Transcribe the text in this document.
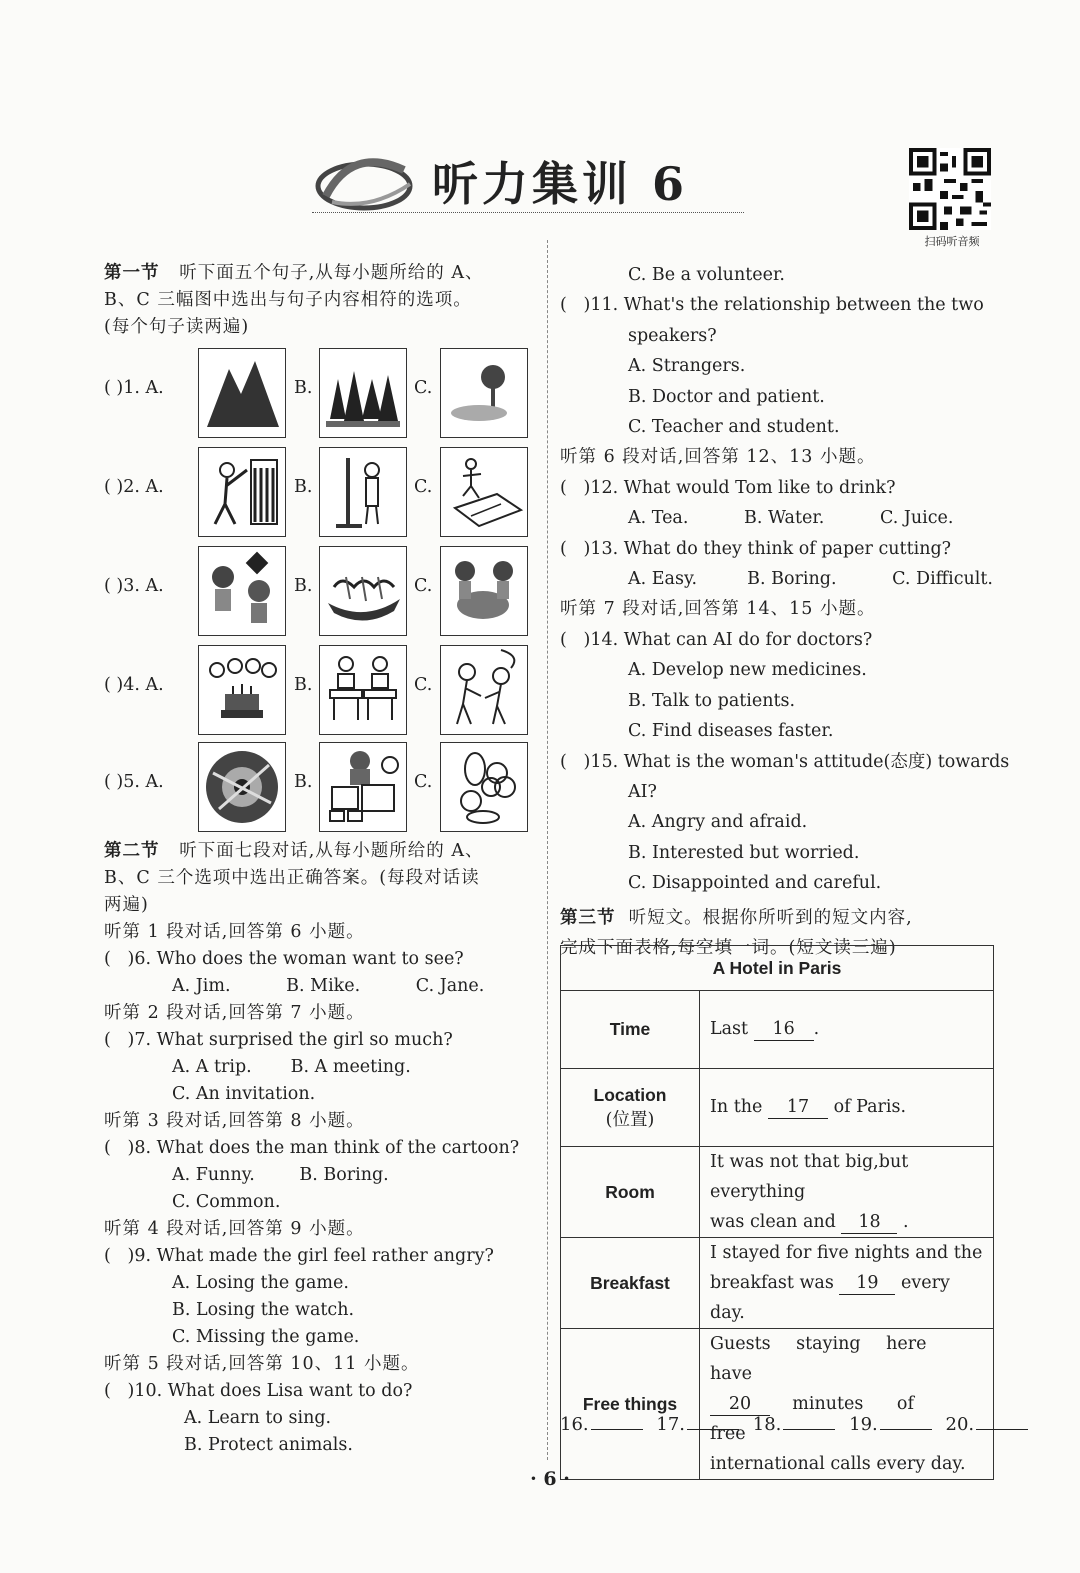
听力集训 6
扫码听音频
第一节 听下面五个句子,从每小题所给的 A、
B、C 三幅图中选出与句子内容相符的选项。
(每个句子读两遍)
( )1. A.	B.	C.
( )2. A.	B.	C.
( )3. A.	B.	C.
( )4. A.	B.	C.
( )5. A.	B.	C.
第二节 听下面七段对话,从每小题所给的 A、
B、C 三个选项中选出正确答案。(每段对话读
两遍)
听第 1 段对话,回答第 6 小题。
(   )6. Who does the woman want to see?
A. Jim.          B. Mike.          C. Jane.
听第 2 段对话,回答第 7 小题。
(   )7. What surprised the girl so much?
A. A trip.       B. A meeting.
C. An invitation.
听第 3 段对话,回答第 8 小题。
(   )8. What does the man think of the cartoon?
A. Funny.        B. Boring.
C. Common.
听第 4 段对话,回答第 9 小题。
(   )9. What made the girl feel rather angry?
A. Losing the game.
B. Losing the watch.
C. Missing the game.
听第 5 段对话,回答第 10、11 小题。
(   )10. What does Lisa want to do?
A. Learn to sing.
B. Protect animals.
C. Be a volunteer.
(   )11. What's the relationship between the two
speakers?
A. Strangers.
B. Doctor and patient.
C. Teacher and student.
听第 6 段对话,回答第 12、13 小题。
(   )12. What would Tom like to drink?
A. Tea.          B. Water.          C. Juice.
(   )13. What do they think of paper cutting?
A. Easy.         B. Boring.          C. Difficult.
听第 7 段对话,回答第 14、15 小题。
(   )14. What can AI do for doctors?
A. Develop new medicines.
B. Talk to patients.
C. Find diseases faster.
(   )15. What is the woman's attitude(态度) towards
AI?
A. Angry and afraid.
B. Interested but worried.
C. Disappointed and careful.
第三节 听短文。根据你所听到的短文内容,
完成下面表格,每空填一词。(短文读三遍)
A Hotel in Paris	
Time	Last 16 .

Location
(位置)	In the 17 of Paris.
Room	It was not that big,but everything
was clean and 18 .

Breakfast	I stayed for five nights and the
breakfast was 19 every day.

Free things	Guests staying here have
20 minutes of free
international calls every day.
16.	17.	18.	19.	20.
· 6 ·
